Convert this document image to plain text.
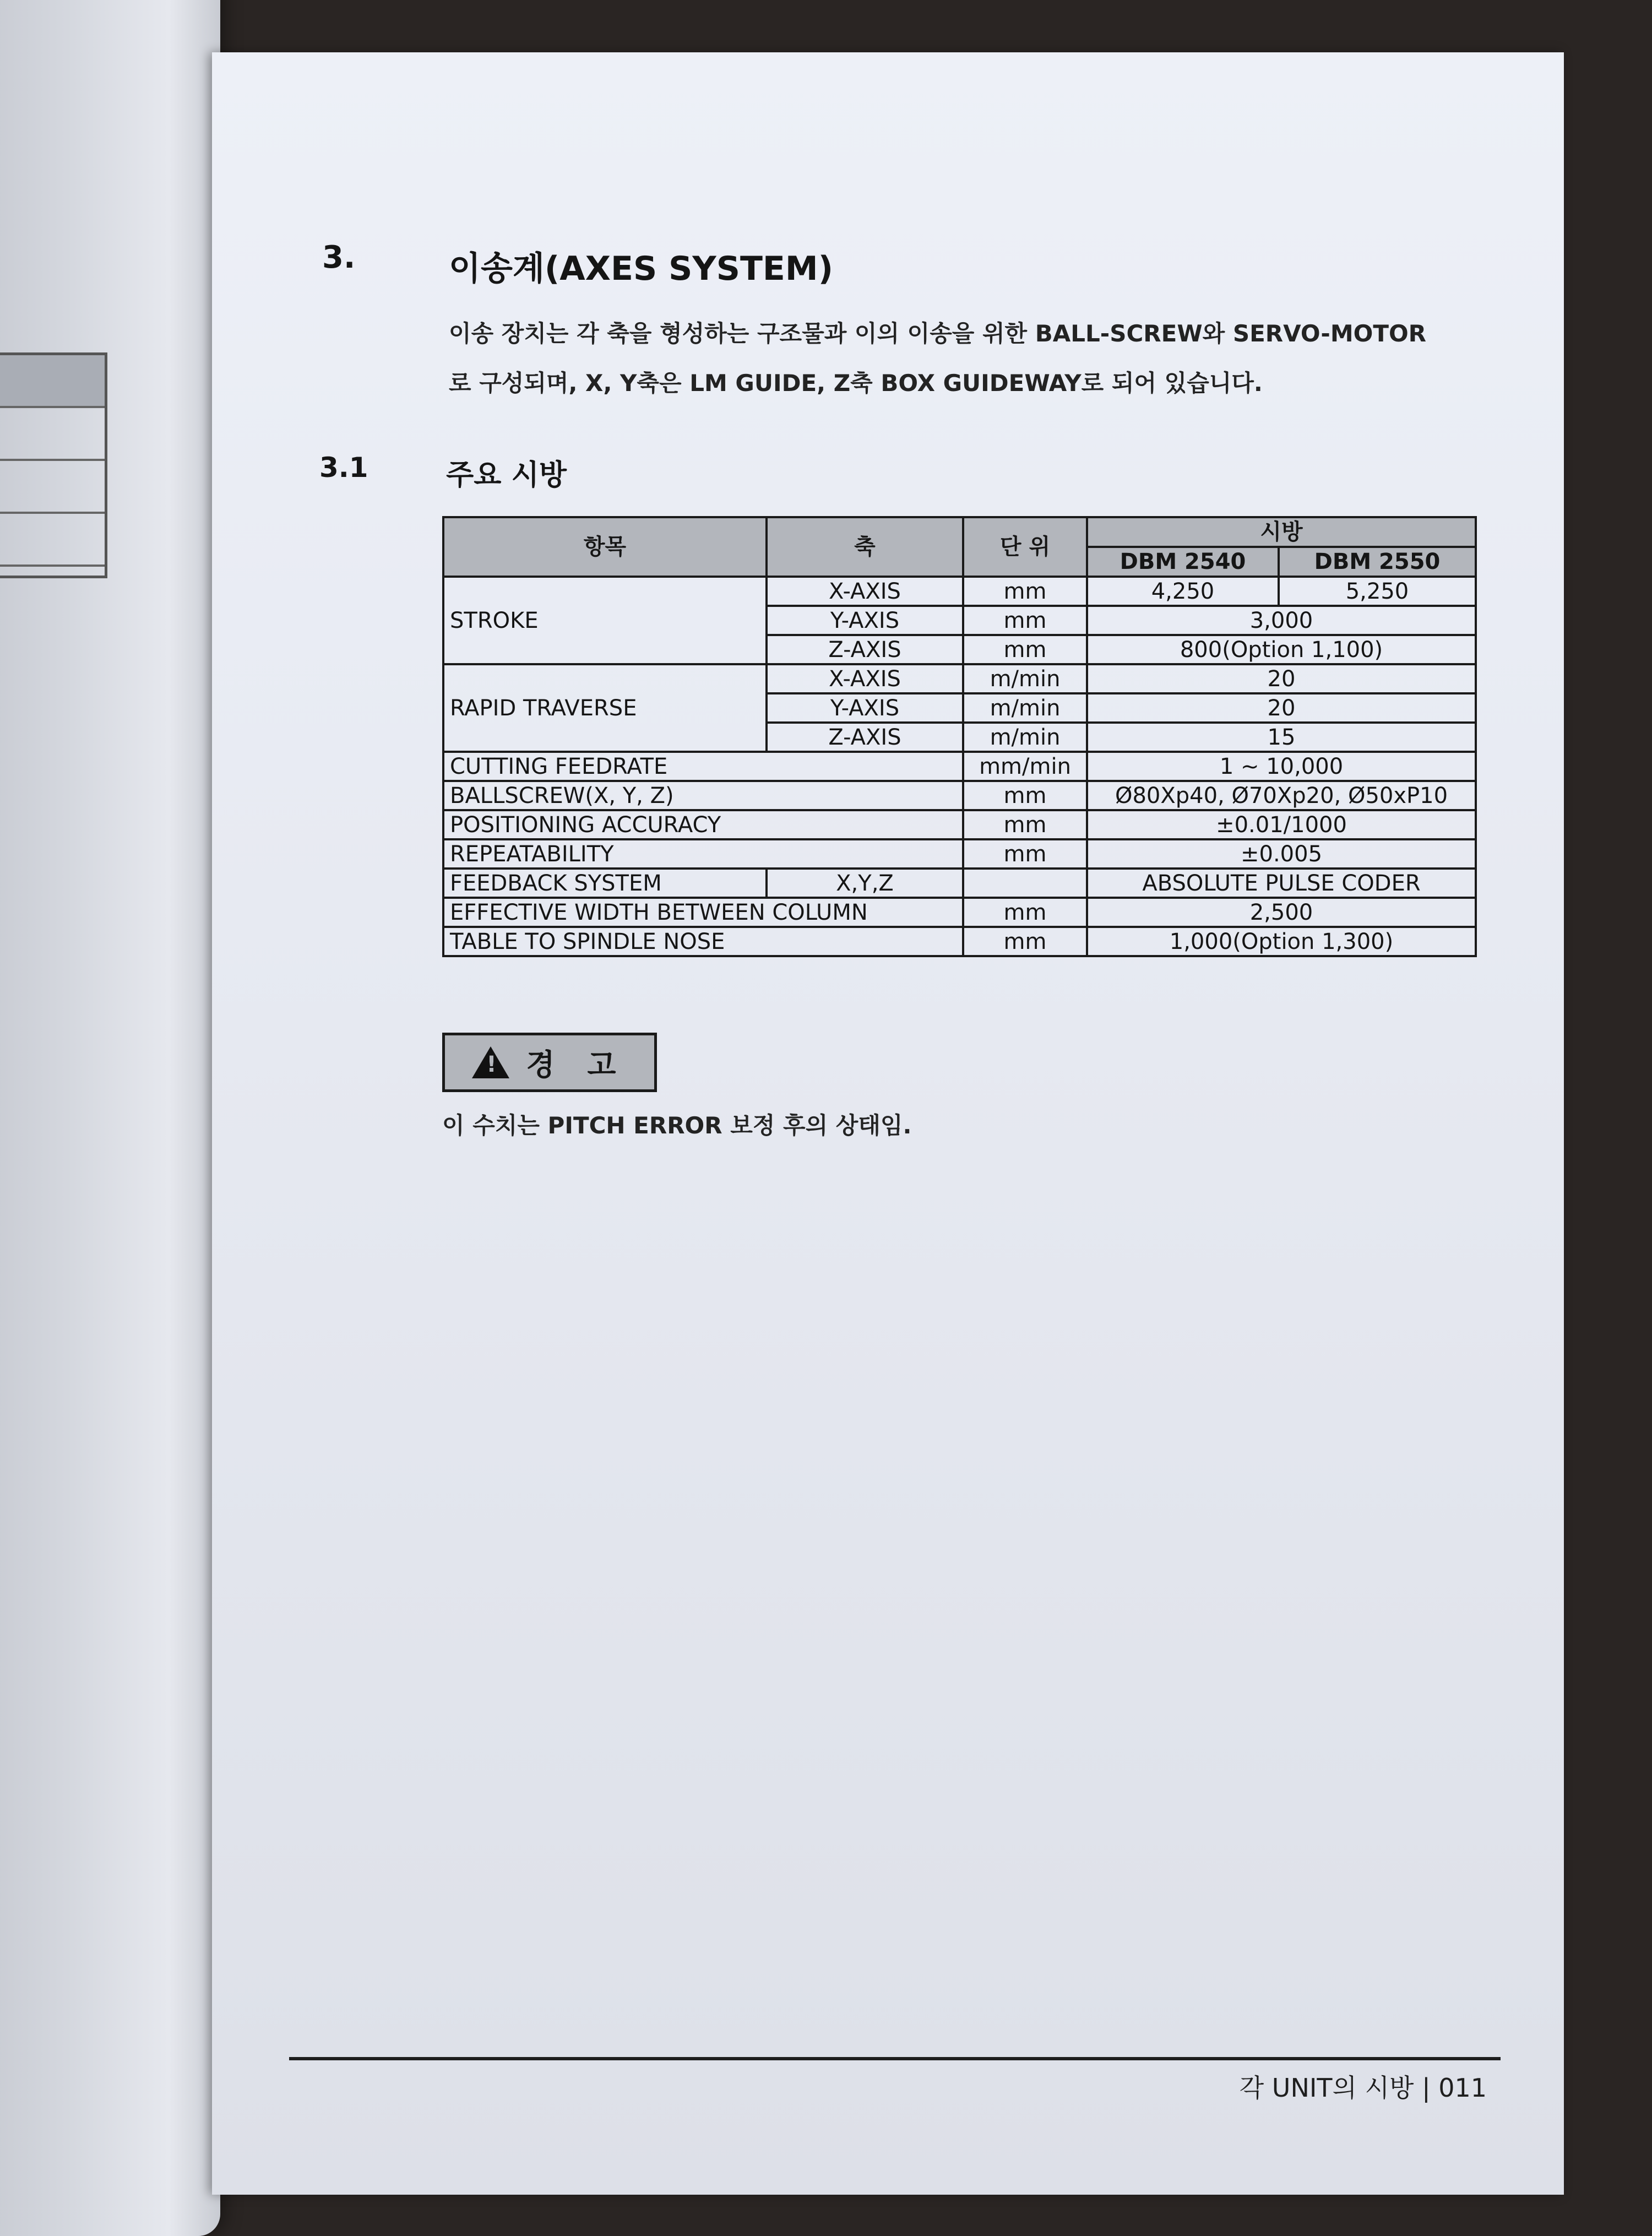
3.	이송계(AXES SYSTEM)
이송 장치는 각 축을 형성하는 구조물과 이의 이송을 위한 BALL-SCREW와 SERVO-MOTOR
로 구성되며, X, Y축은 LM GUIDE, Z축 BOX GUIDEWAY로 되어 있습니다.
3.1	주요 시방
항목	축	단 위	시방	
			DBM 2540	DBM 2550
STROKE	X-AXIS	mm	4,250	5,250
	Y-AXIS	mm	3,000	
	Z-AXIS	mm	800(Option 1,100)	
RAPID TRAVERSE	X-AXIS	m/min	20	
	Y-AXIS	m/min	20	
	Z-AXIS	m/min	15	
CUTTING FEEDRATE		mm/min	1 ~ 10,000	
BALLSCREW(X, Y, Z)		mm	Ø80Xp40, Ø70Xp20, Ø50xP10	
POSITIONING ACCURACY		mm	±0.01/1000	
REPEATABILITY		mm	±0.005	
FEEDBACK SYSTEM	X,Y,Z		ABSOLUTE PULSE CODER	
EFFECTIVE WIDTH BETWEEN COLUMN		mm	2,500	
TABLE TO SPINDLE NOSE		mm	1,000(Option 1,300)	
!
경 고
이 수치는 PITCH ERROR 보정 후의 상태임.
각 UNIT의 시방 | 011
